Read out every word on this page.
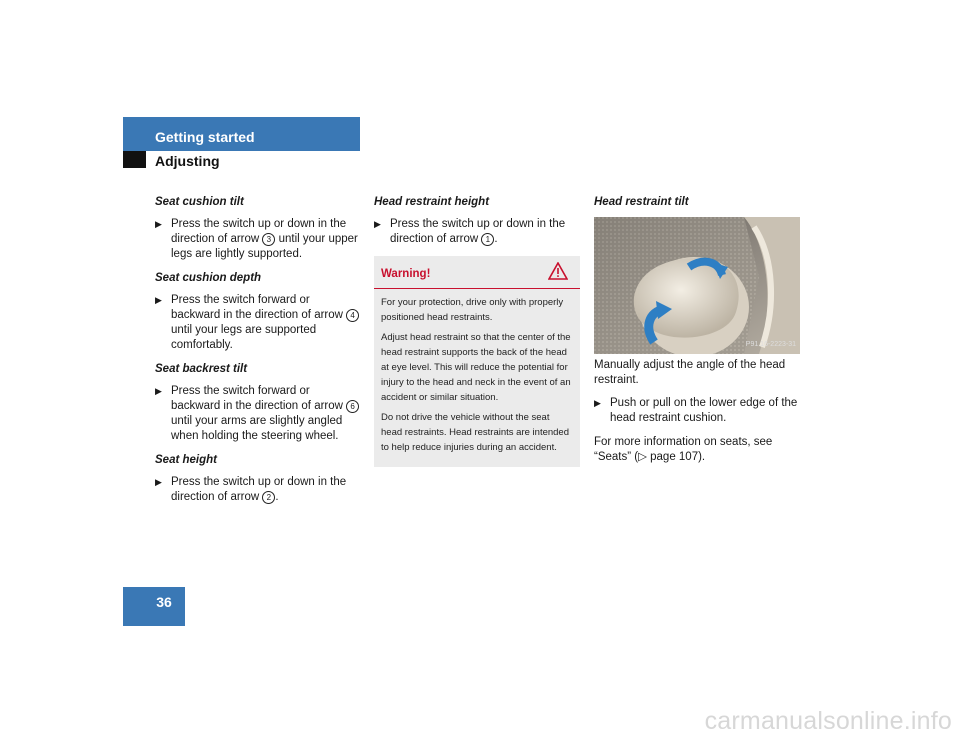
Getting started
Adjusting
Seat cushion tilt
▶ Press the switch up or down in the direction of arrow 3 until your upper legs are lightly supported.
Seat cushion depth
▶ Press the switch forward or backward in the direction of arrow 4 until your legs are supported comfortably.
Seat backrest tilt
▶ Press the switch forward or backward in the direction of arrow 6 until your arms are slightly angled when holding the steering wheel.
Seat height
▶ Press the switch up or down in the direction of arrow 2 .
Head restraint height
▶ Press the switch up or down in the direction of arrow 1 .
Warning!

For your protection, drive only with properly positioned head restraints.

Adjust head restraint so that the center of the head restraint supports the back of the head at eye level. This will reduce the potential for injury to the head and neck in the event of an accident or similar situation.

Do not drive the vehicle without the seat head restraints. Head restraints are intended to help reduce injuries during an accident.

Head restraint tilt
P91.16-2223-31

Manually adjust the angle of the head restraint.

▶ Push or pull on the lower edge of the head restraint cushion.

For more information on seats, see “Seats” (▷ page 107).

36
carmanualsonline.info
